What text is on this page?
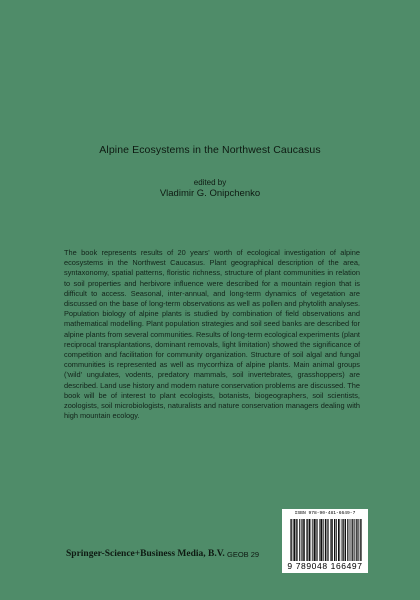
Alpine Ecosystems in the Northwest Caucasus
edited by
Vladimir G. Onipchenko

The book represents results of 20 years' worth of ecological investigation of alpine ecosystems in the Northwest Caucasus. Plant geographical description of the area, syntaxonomy, spatial patterns, floristic richness, structure of plant communities in relation to soil properties and herbivore influence were described for a mountain region that is difficult to access. Seasonal, inter-annual, and long-term dynamics of vegetation are discussed on the base of long-term observations as well as pollen and phytolith analyses. Population biology of alpine plants is studied by combination of field observations and mathematical modelling. Plant population strategies and soil seed banks are described for alpine plants from several communities. Results of long-term ecological experiments (plant reciprocal transplantations, dominant removals, light limitation) showed the significance of competition and facilitation for community organization. Structure of soil algal and fungal communities is represented as well as mycorrhiza of alpine plants. Main animal groups ('wild' ungulates, vodents, predatory mammals, soil invertebrates, grasshoppers) are described. Land use history and modern nature conservation problems are discussed. The book will be of interest to plant ecologists, botanists, biogeographers, soil scientists, zoologists, soil microbiologists, naturalists and nature conservation managers dealing with high mountain ecology.

Springer-Science+Business Media, B.V. GEOB 29
ISBN 978-90-481-6649-7
9 789048 166497
